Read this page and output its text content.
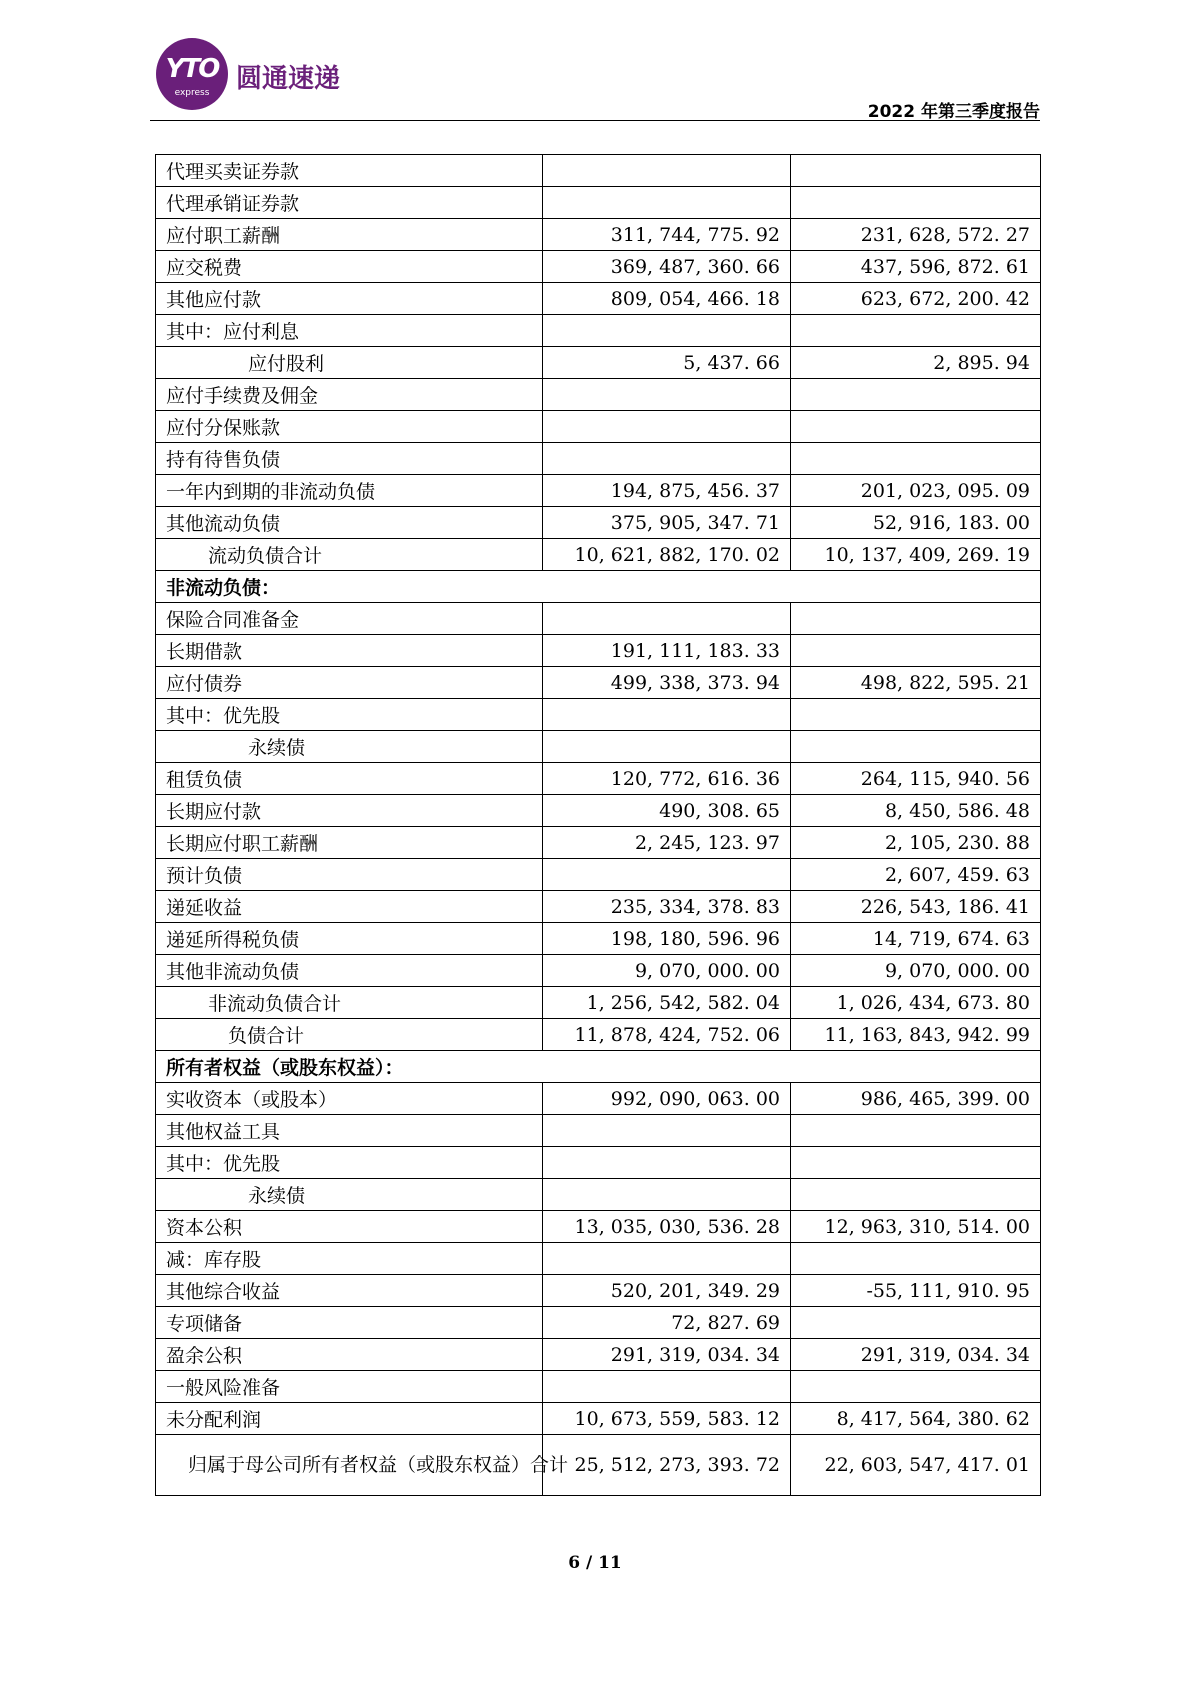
YTO
express	圆通速递
2022 年第三季度报告
代理买卖证券款		
代理承销证券款		
应付职工薪酬	311, 744, 775. 92	231, 628, 572. 27
应交税费	369, 487, 360. 66	437, 596, 872. 61
其他应付款	809, 054, 466. 18	623, 672, 200. 42
其中：应付利息		
应付股利	5, 437. 66	2, 895. 94
应付手续费及佣金		
应付分保账款		
持有待售负债		
一年内到期的非流动负债	194, 875, 456. 37	201, 023, 095. 09
其他流动负债	375, 905, 347. 71	52, 916, 183. 00
流动负债合计	10, 621, 882, 170. 02	10, 137, 409, 269. 19
非流动负债：		
保险合同准备金		
长期借款	191, 111, 183. 33	
应付债券	499, 338, 373. 94	498, 822, 595. 21
其中：优先股		
永续债		
租赁负债	120, 772, 616. 36	264, 115, 940. 56
长期应付款	490, 308. 65	8, 450, 586. 48
长期应付职工薪酬	2, 245, 123. 97	2, 105, 230. 88
预计负债		2, 607, 459. 63
递延收益	235, 334, 378. 83	226, 543, 186. 41
递延所得税负债	198, 180, 596. 96	14, 719, 674. 63
其他非流动负债	9, 070, 000. 00	9, 070, 000. 00
非流动负债合计	1, 256, 542, 582. 04	1, 026, 434, 673. 80
负债合计	11, 878, 424, 752. 06	11, 163, 843, 942. 99
所有者权益（或股东权益）：		
实收资本（或股本）	992, 090, 063. 00	986, 465, 399. 00
其他权益工具		
其中：优先股		
永续债		
资本公积	13, 035, 030, 536. 28	12, 963, 310, 514. 00
减：库存股		
其他综合收益	520, 201, 349. 29	-55, 111, 910. 95
专项储备	72, 827. 69	
盈余公积	291, 319, 034. 34	291, 319, 034. 34
一般风险准备		
未分配利润	10, 673, 559, 583. 12	8, 417, 564, 380. 62
归属于母公司所有者权益（或股东权益）合计	25, 512, 273, 393. 72	22, 603, 547, 417. 01
6 / 11
